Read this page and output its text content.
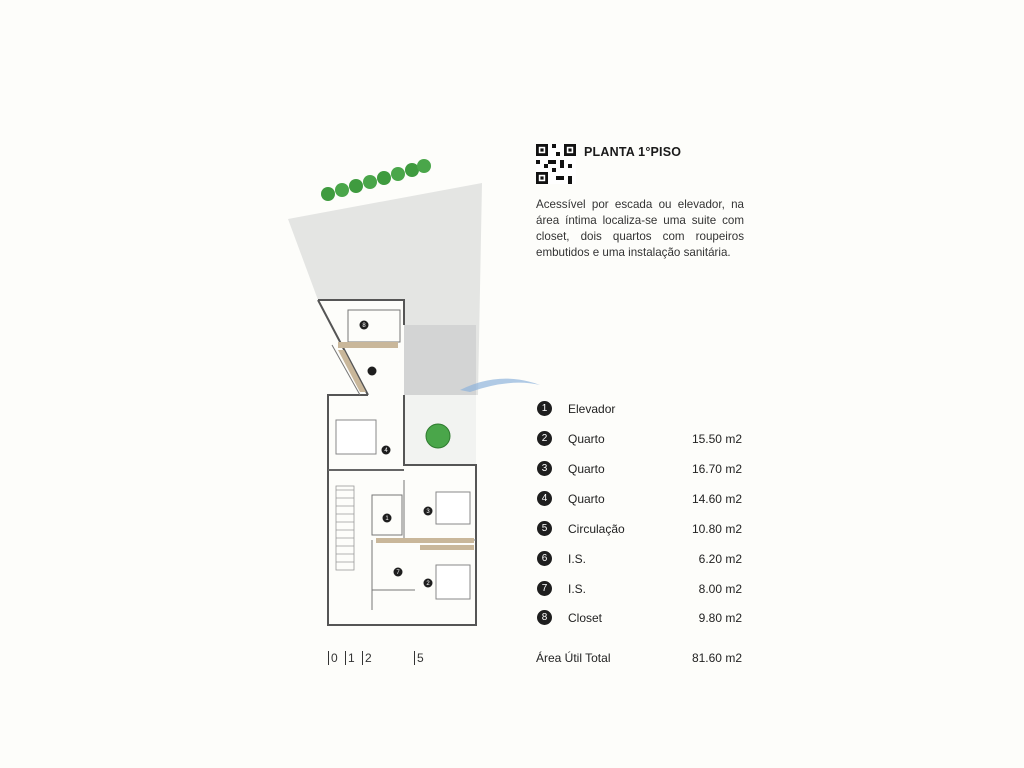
8
4
1
3
7
2
PLANTA 1°PISO
Acessível por escada ou elevador, na área íntima localiza-se uma suite com closet, dois quartos com roupeiros embutidos e uma instalação sanitária.
1	Elevador
2	Quarto	15.50 m2
3	Quarto	16.70 m2
4	Quarto	14.60 m2
5	Circulação	10.80 m2
6	I.S.	6.20 m2
7	I.S.	8.00 m2
8	Closet	9.80 m2
Área Útil Total	81.60 m2
0 1 2	5
